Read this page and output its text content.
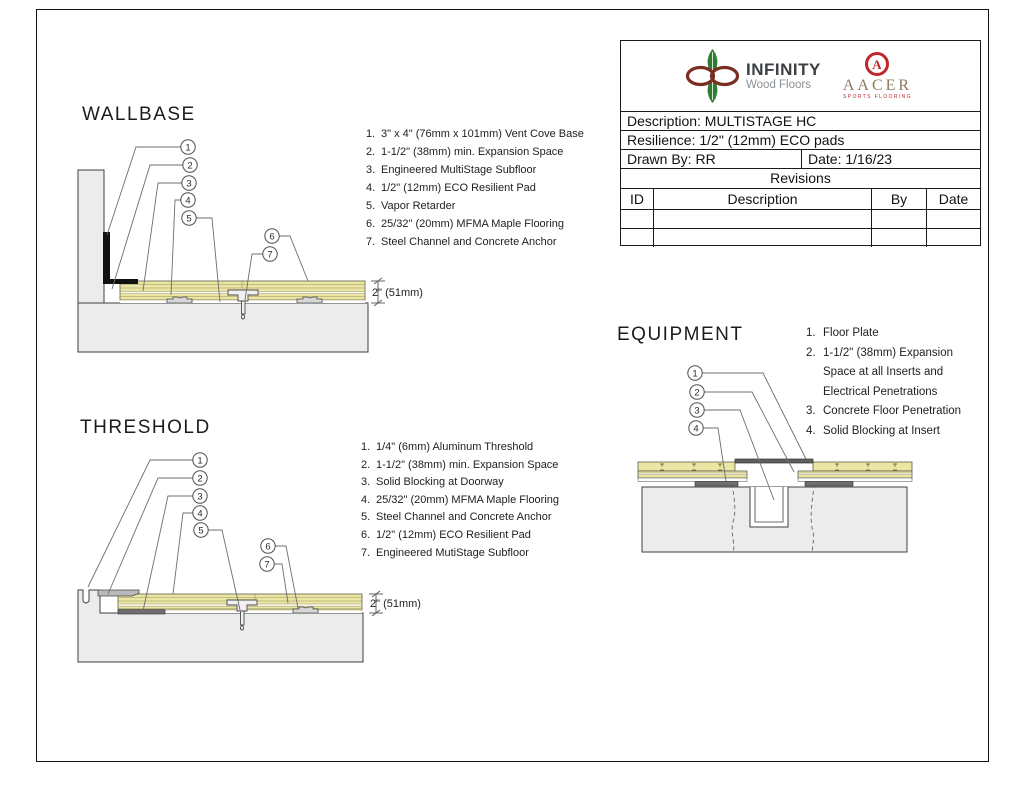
WALLBASE
2" (51mm)
1
2
3
4
5
6
7
1. 3" x 4" (76mm x 101mm) Vent Cove Base
2. 1-1/2" (38mm) min. Expansion Space
3. Engineered MultiStage Subfloor
4. 1/2" (12mm) ECO Resilient Pad
5. Vapor Retarder
6. 25/32" (20mm) MFMA Maple Flooring
7. Steel Channel and Concrete Anchor
THRESHOLD
2" (51mm)
1
2
3
4
5
6
7
1. 1/4" (6mm) Aluminum Threshold
2. 1-1/2" (38mm) min. Expansion Space
3. Solid Blocking at Doorway
4. 25/32" (20mm) MFMA Maple Flooring
5. Steel Channel and Concrete Anchor
6. 1/2" (12mm) ECO Resilient Pad
7. Engineered MutiStage Subfloor
EQUIPMENT
1
2
3
4
1. Floor Plate
2. 1-1/2" (38mm) Expansion Space at all Inserts and Electrical Penetrations
3. Concrete Floor Penetration
4. Solid Blocking at Insert
INFINITY
Wood Floors
A
AACER
SPORTS FLOORING
Description: MULTISTAGE HC
Resilience: 1/2" (12mm) ECO pads
Drawn By: RR	Date: 1/16/23
Revisions
ID	Description	By	Date
